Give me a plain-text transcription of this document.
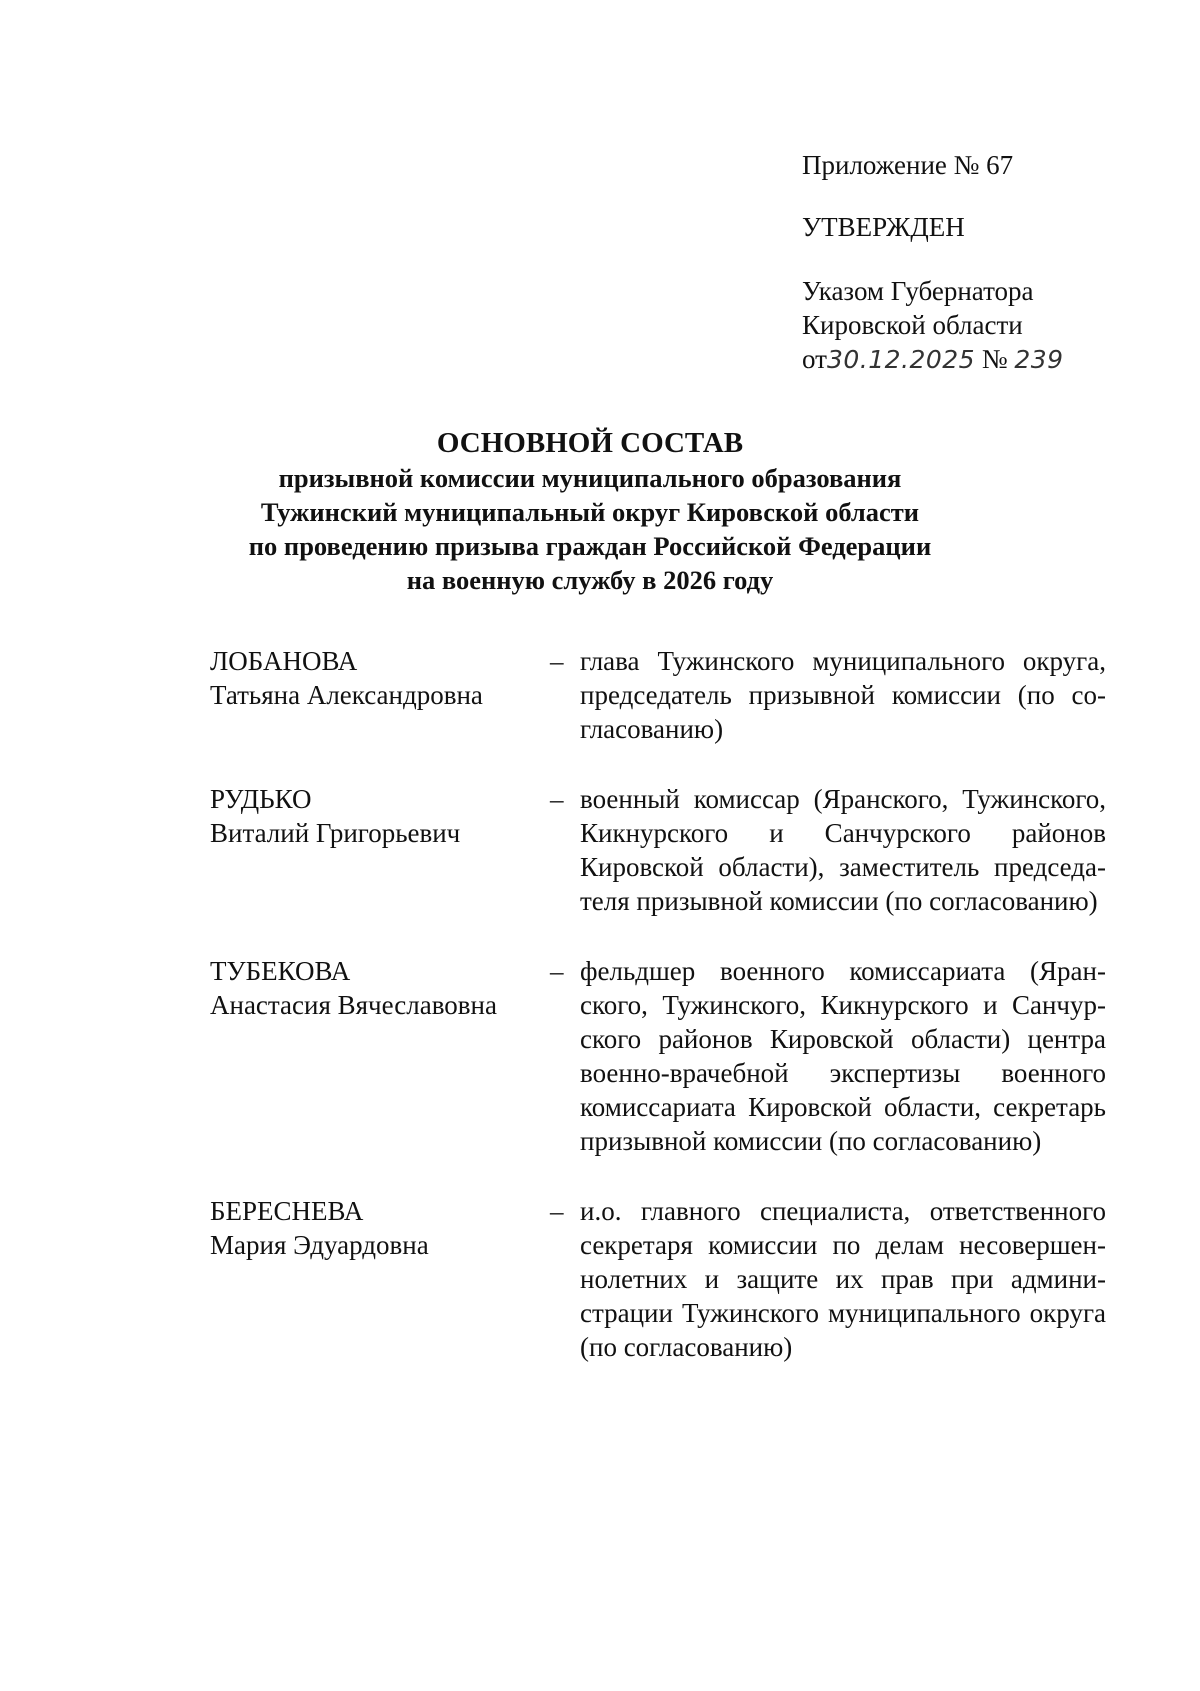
Приложение № 67
УТВЕРЖДЕН
Указом Губернатора
Кировской области
от30.12.2025 № 239
ОСНОВНОЙ СОСТАВ
призывной комиссии муниципального образования
Тужинский муниципальный округ Кировской области
по проведению призыва граждан Российской Федерации
на военную службу в 2026 году
ЛОБАНОВА
Татьяна Александровна
– глава Тужинского муниципального округа, председатель призывной комиссии (по согласованию)
РУДЬКО
Виталий Григорьевич
– военный комиссар (Яранского, Тужинского, Кикнурского и Санчурского районов Кировской области), заместитель председателя призывной комиссии (по согласованию)
ТУБЕКОВА
Анастасия Вячеславовна
– фельдшер военного комиссариата (Яранского, Тужинского, Кикнурского и Санчурского районов Кировской области) центра военно-врачебной экспертизы военного комиссариата Кировской области, секретарь призывной комиссии (по согласованию)
БЕРЕСНЕВА
Мария Эдуардовна
– и.о. главного специалиста, ответственного секретаря комиссии по делам несовершеннолетних и защите их прав при администрации Тужинского муниципального округа (по согласованию)
